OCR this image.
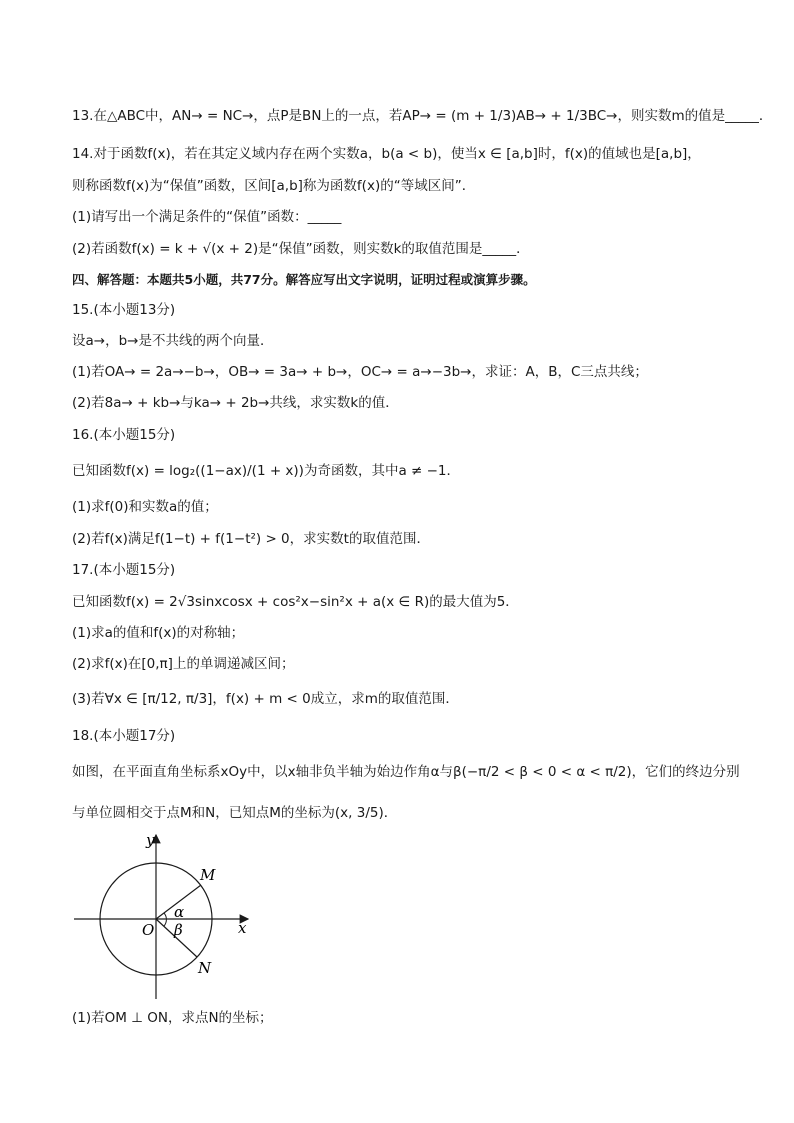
13.在△ABC中，AN→ = NC→，点P是BN上的一点，若AP→ = (m + 1/3)AB→ + 1/3BC→，则实数m的值是_____．
14.对于函数f(x)，若在其定义域内存在两个实数a，b(a < b)，使当x ∈ [a,b]时，f(x)的值域也是[a,b]，
则称函数f(x)为“保值”函数，区间[a,b]称为函数f(x)的“等域区间”．
(1)请写出一个满足条件的“保值”函数：_____
(2)若函数f(x) = k + √(x + 2)是“保值”函数，则实数k的取值范围是_____．
四、解答题：本题共5小题，共77分。解答应写出文字说明，证明过程或演算步骤。
15.(本小题13分)
设a→，b→是不共线的两个向量．
(1)若OA→ = 2a→−b→，OB→ = 3a→ + b→，OC→ = a→−3b→，求证：A，B，C三点共线；
(2)若8a→ + kb→与ka→ + 2b→共线，求实数k的值．
16.(本小题15分)
已知函数f(x) = log₂((1−ax)/(1 + x))为奇函数，其中a ≠ −1．
(1)求f(0)和实数a的值；
(2)若f(x)满足f(1−t) + f(1−t²) > 0，求实数t的取值范围．
17.(本小题15分)
已知函数f(x) = 2√3sinxcosx + cos²x−sin²x + a(x ∈ R)的最大值为5．
(1)求a的值和f(x)的对称轴；
(2)求f(x)在[0,π]上的单调递减区间；
(3)若∀x ∈ [π/12, π/3]，f(x) + m < 0成立，求m的取值范围．
18.(本小题17分)
如图，在平面直角坐标系xOy中，以x轴非负半轴为始边作角α与β(−π/2 < β < 0 < α < π/2)，它们的终边分别
与单位圆相交于点M和N，已知点M的坐标为(x, 3/5)．
y
x
O
M
N
α
β
(1)若OM ⊥ ON，求点N的坐标；
